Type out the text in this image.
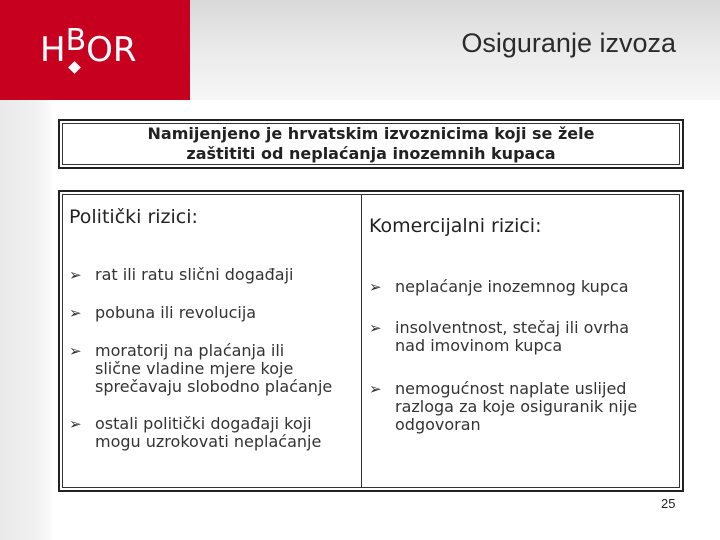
HBOR	Osiguranje izvoza
Namijenjeno je hrvatskim izvoznicima koji se žele
zaštititi od neplaćanja inozemnih kupaca
Politički rizici:	Komercijalni rizici:
➢ rat ili ratu slični događaji
➢ pobuna ili revolucija
➢ moratorij na plaćanja ili
slične vladine mjere koje
sprečavaju slobodno plaćanje
➢ ostali politički događaji koji
mogu uzrokovati neplaćanje
➢ neplaćanje inozemnog kupca
➢ insolventnost, stečaj ili ovrha
nad imovinom kupca
➢ nemogućnost naplate uslijed
razloga za koje osiguranik nije
odgovoran
25
